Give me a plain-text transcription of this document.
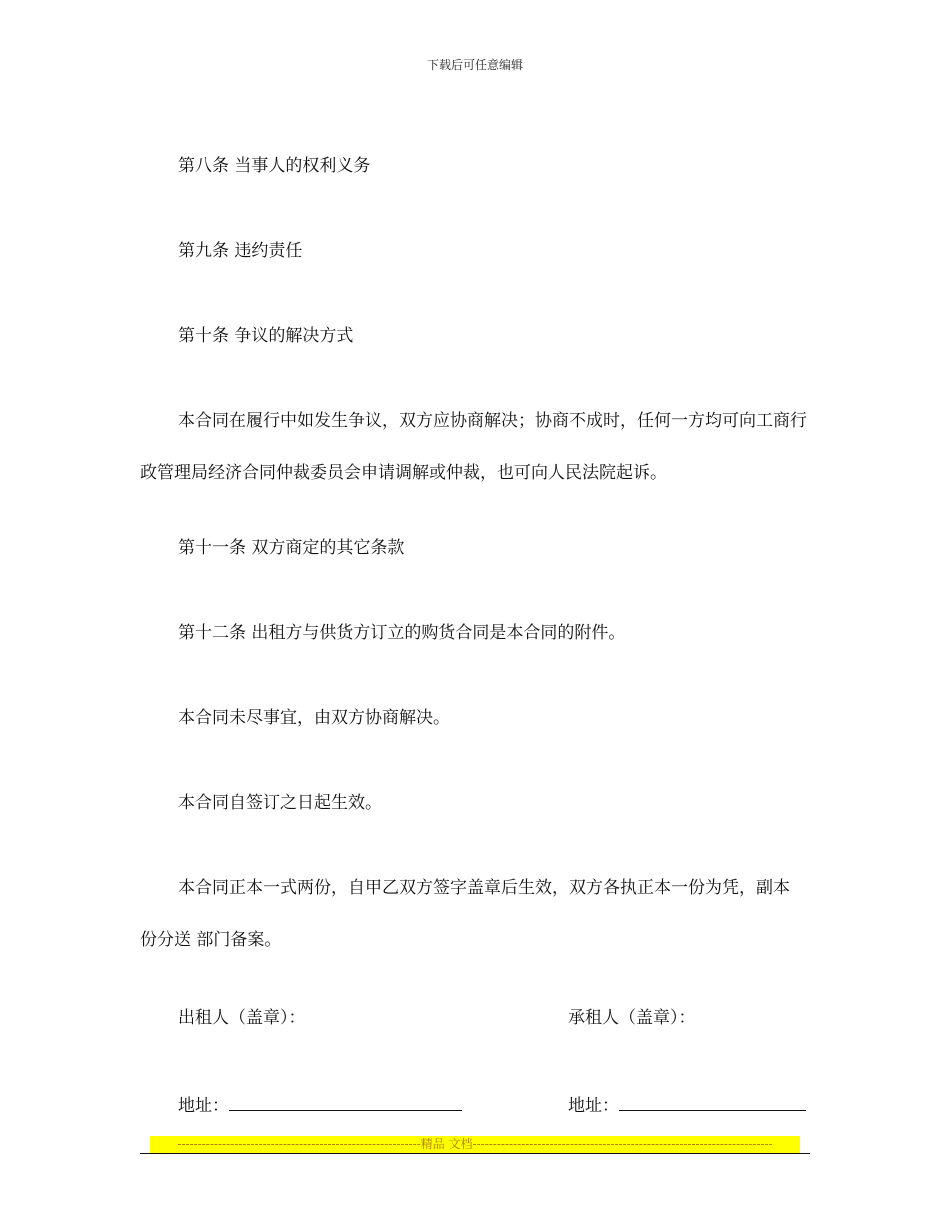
下载后可任意编辑

第八条 当事人的权利义务

第九条 违约责任

第十条 争议的解决方式

本合同在履行中如发生争议，双方应协商解决；协商不成时，任何一方均可向工商行政管理局经济合同仲裁委员会申请调解或仲裁，也可向人民法院起诉。

第十一条 双方商定的其它条款

第十二条 出租方与供货方订立的购货合同是本合同的附件。

本合同未尽事宜，由双方协商解决。

本合同自签订之日起生效。

本合同正本一式两份，自甲乙双方签字盖章后生效，双方各执正本一份为凭，副本 份分送 部门备案。

出租人（盖章）：	承租人（盖章）：
地址：	地址：
------------------------------------------------------------精品 文档--------------------------------------------------------------------------
